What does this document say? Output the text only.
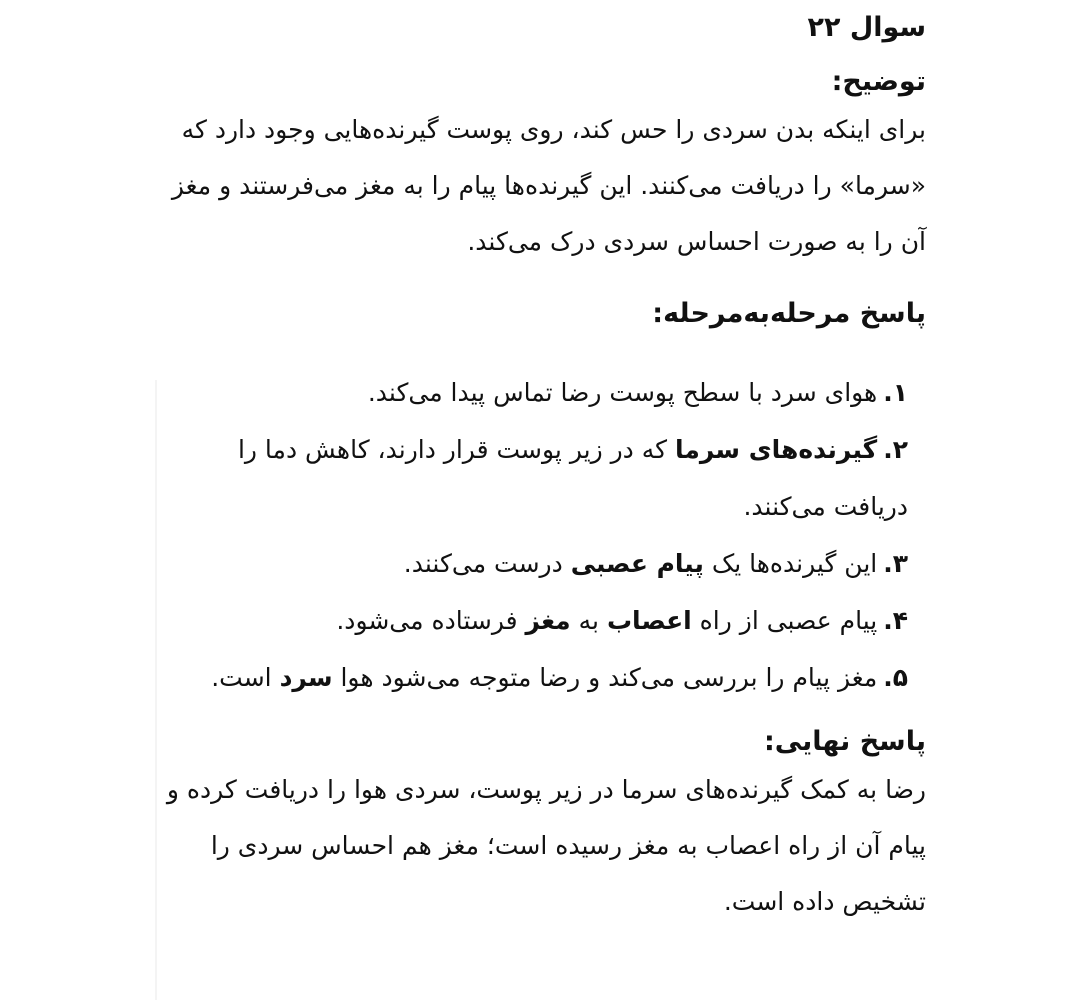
سوال ۲۲
توضیح:

برای اینکه بدن سردی را حس کند، روی پوست گیرنده‌هایی وجود دارد که «سرما» را دریافت می‌کنند. این گیرنده‌ها پیام را به مغز می‌فرستند و مغز آن را به صورت احساس سردی درک می‌کند.

پاسخ مرحله‌به‌مرحله:
۱.هوای سرد با سطح پوست رضا تماس پیدا می‌کند.
۲.گیرنده‌های سرما که در زیر پوست قرار دارند، کاهش دما را دریافت می‌کنند.
۳.این گیرنده‌ها یک پیام عصبی درست می‌کنند.
۴.پیام عصبی از راه اعصاب به مغز فرستاده می‌شود.
۵.مغز پیام را بررسی می‌کند و رضا متوجه می‌شود هوا سرد است.
پاسخ نهایی:

رضا به کمک گیرنده‌های سرما در زیر پوست، سردی هوا را دریافت کرده و پیام آن از راه اعصاب به مغز رسیده است؛ مغز هم احساس سردی را تشخیص داده است.
